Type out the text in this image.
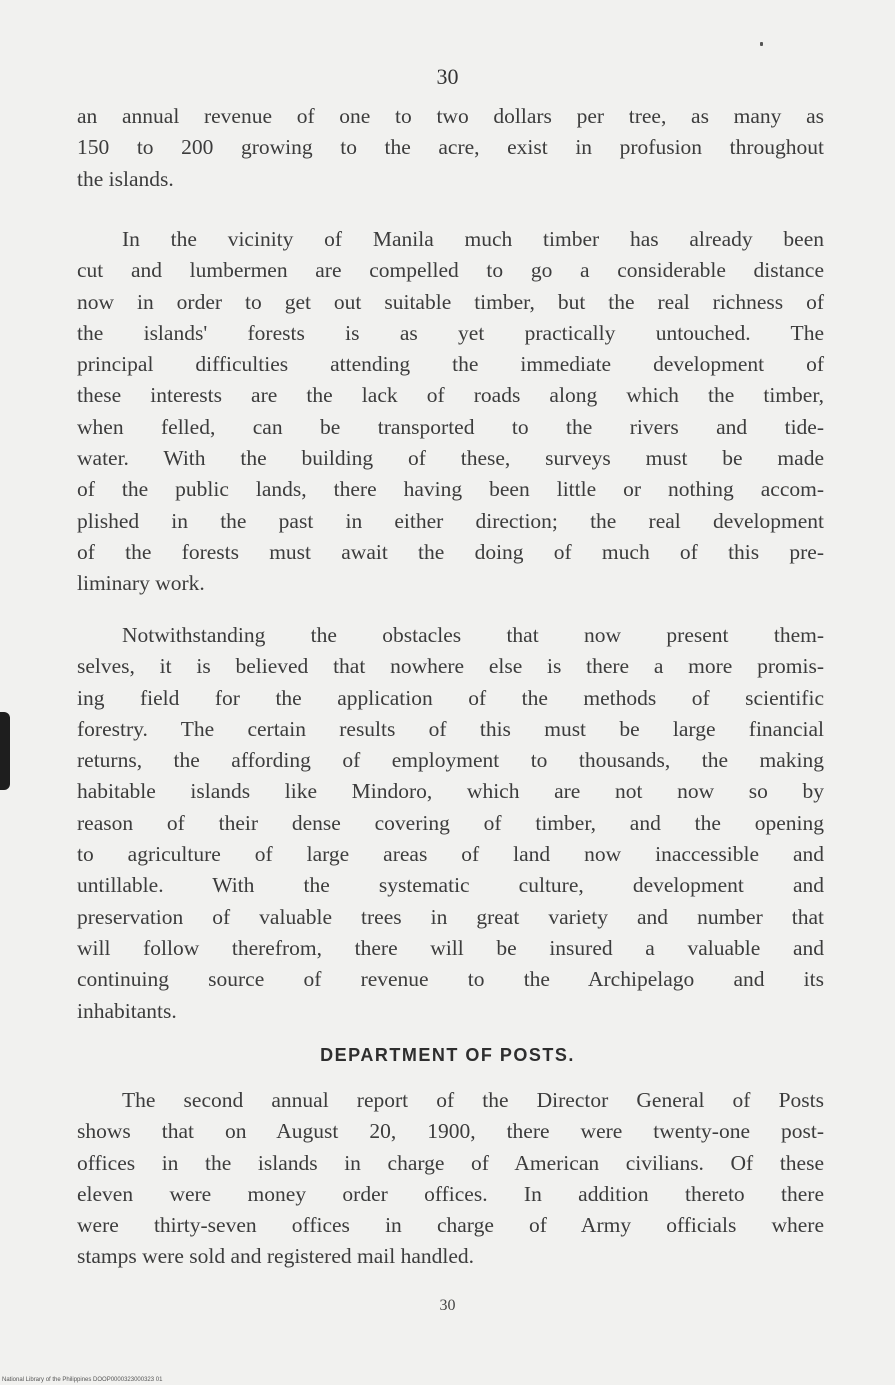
30
an annual revenue of one to two dollars per tree, as many as
150 to 200 growing to the acre, exist in profusion throughout
the islands.
In the vicinity of Manila much timber has already been
cut and lumbermen are compelled to go a considerable distance
now in order to get out suitable timber, but the real richness of
the islands' forests is as yet practically untouched. The
principal difficulties attending the immediate development of
these interests are the lack of roads along which the timber,
when felled, can be transported to the rivers and tide-
water. With the building of these, surveys must be made
of the public lands, there having been little or nothing accom-
plished in the past in either direction; the real development
of the forests must await the doing of much of this pre-
liminary work.
Notwithstanding the obstacles that now present them-
selves, it is believed that nowhere else is there a more promis-
ing field for the application of the methods of scientific
forestry. The certain results of this must be large financial
returns, the affording of employment to thousands, the making
habitable islands like Mindoro, which are not now so by
reason of their dense covering of timber, and the opening
to agriculture of large areas of land now inaccessible and
untillable. With the systematic culture, development and
preservation of valuable trees in great variety and number that
will follow therefrom, there will be insured a valuable and
continuing source of revenue to the Archipelago and its
inhabitants.
DEPARTMENT OF POSTS.
The second annual report of the Director General of Posts
shows that on August 20, 1900, there were twenty-one post-
offices in the islands in charge of American civilians. Of these
eleven were money order offices. In addition thereto there
were thirty-seven offices in charge of Army officials where
stamps were sold and registered mail handled.
30
National Library of the Philippines DOOP0000323000323 01
